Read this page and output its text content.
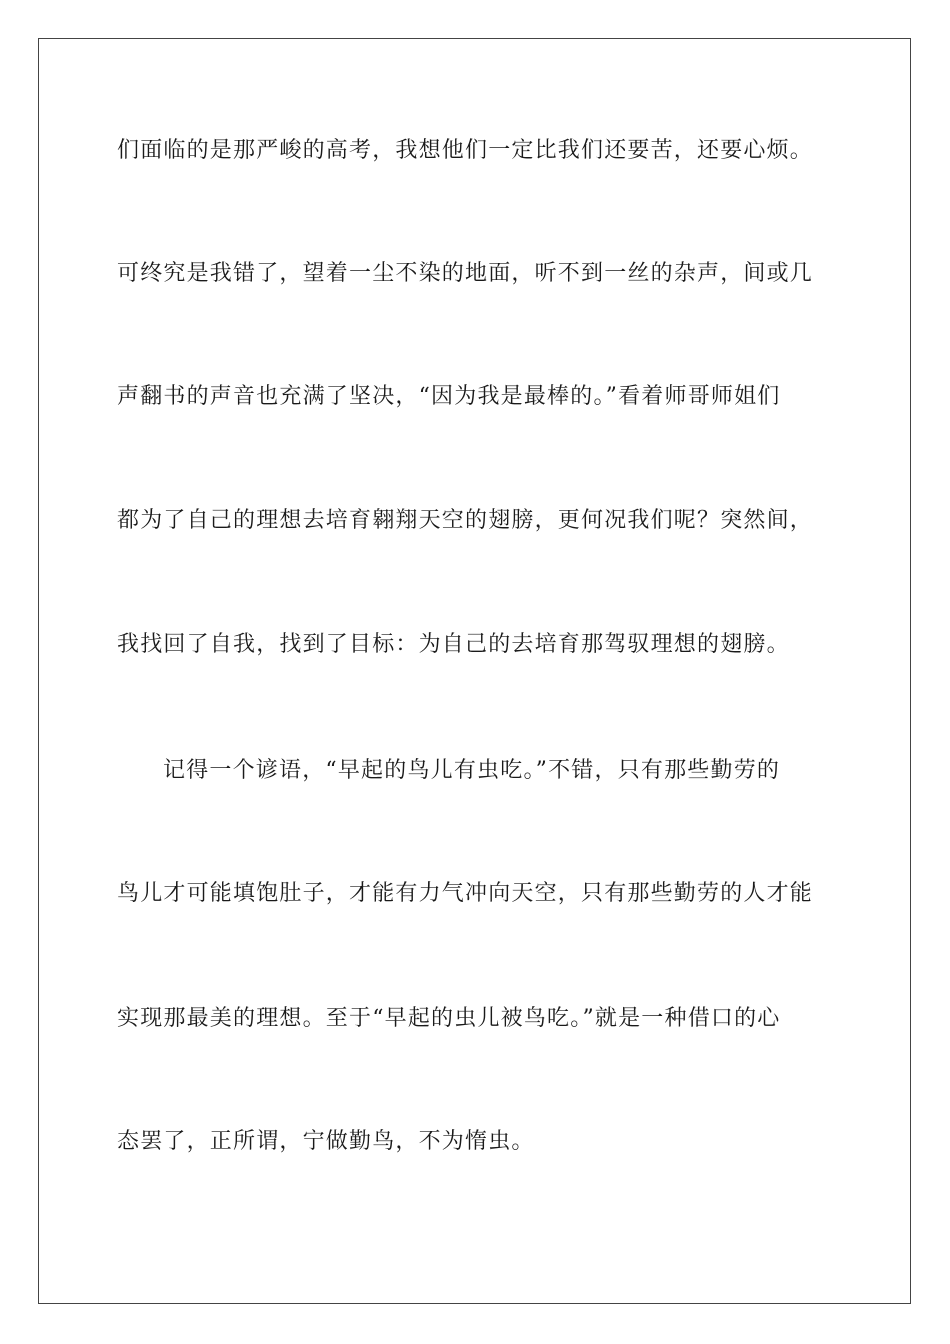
们面临的是那严峻的高考，我想他们一定比我们还要苦，还要心烦。
可终究是我错了，望着一尘不染的地面，听不到一丝的杂声，间或几
声翻书的声音也充满了坚决，“因为我是最棒的。”看着师哥师姐们
都为了自己的理想去培育翱翔天空的翅膀，更何况我们呢？突然间，
我找回了自我，找到了目标：为自己的去培育那驾驭理想的翅膀。
记得一个谚语，“早起的鸟儿有虫吃。”不错，只有那些勤劳的
鸟儿才可能填饱肚子，才能有力气冲向天空，只有那些勤劳的人才能
实现那最美的理想。至于“早起的虫儿被鸟吃。”就是一种借口的心
态罢了，正所谓，宁做勤鸟，不为惰虫。
